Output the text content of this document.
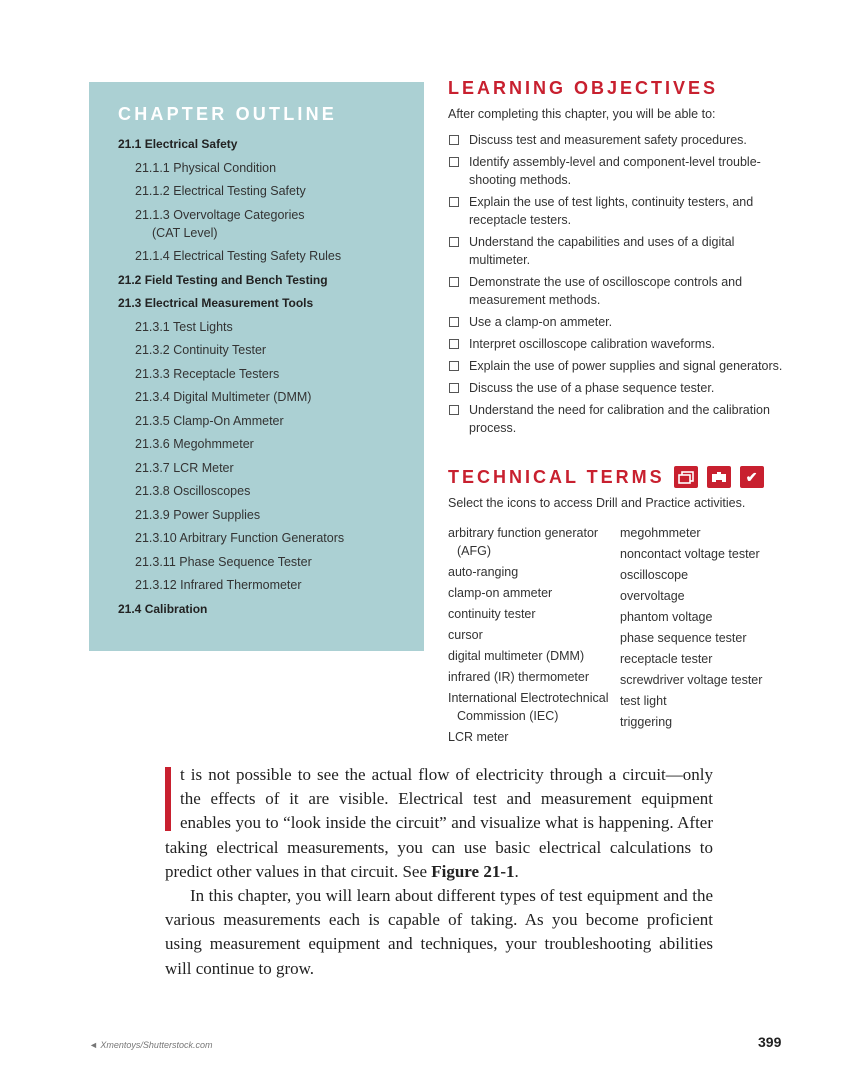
CHAPTER OUTLINE
21.1 Electrical Safety
21.1.1 Physical Condition
21.1.2 Electrical Testing Safety
21.1.3 Overvoltage Categories
(CAT Level)
21.1.4 Electrical Testing Safety Rules
21.2 Field Testing and Bench Testing
21.3 Electrical Measurement Tools
21.3.1 Test Lights
21.3.2 Continuity Tester
21.3.3 Receptacle Testers
21.3.4 Digital Multimeter (DMM)
21.3.5 Clamp-On Ammeter
21.3.6 Megohmmeter
21.3.7 LCR Meter
21.3.8 Oscilloscopes
21.3.9 Power Supplies
21.3.10 Arbitrary Function Generators
21.3.11 Phase Sequence Tester
21.3.12 Infrared Thermometer
21.4 Calibration
LEARNING OBJECTIVES
After completing this chapter, you will be able to:
Discuss test and measurement safety procedures.
Identify assembly-level and component-level trouble-shooting methods.
Explain the use of test lights, continuity testers, and receptacle testers.
Understand the capabilities and uses of a digital multimeter.
Demonstrate the use of oscilloscope controls and measurement methods.
Use a clamp-on ammeter.
Interpret oscilloscope calibration waveforms.
Explain the use of power supplies and signal generators.
Discuss the use of a phase sequence tester.
Understand the need for calibration and the calibration process.
TECHNICAL TERMS	✔
Select the icons to access Drill and Practice activities.
arbitrary function generator
(AFG)
auto-ranging
clamp-on ammeter
continuity tester
cursor
digital multimeter (DMM)
infrared (IR) thermometer
International Electrotechnical
Commission (IEC)
LCR meter
megohmmeter
noncontact voltage tester
oscilloscope
overvoltage
phantom voltage
phase sequence tester
receptacle tester
screwdriver voltage tester
test light
triggering

t is not possible to see the actual flow of electricity through a circuit—only the effects of it are visible. Electrical test and measurement equipment enables you to “look inside the circuit” and visualize what is happening. After taking electrical measurements, you can use basic electrical calculations to predict other values in that circuit. See Figure 21-1.

In this chapter, you will learn about different types of test equipment and the various measurements each is capable of taking. As you become proficient using measurement equipment and techniques, your troubleshooting abilities will continue to grow.

◄ Xmentoys/Shutterstock.com	399
